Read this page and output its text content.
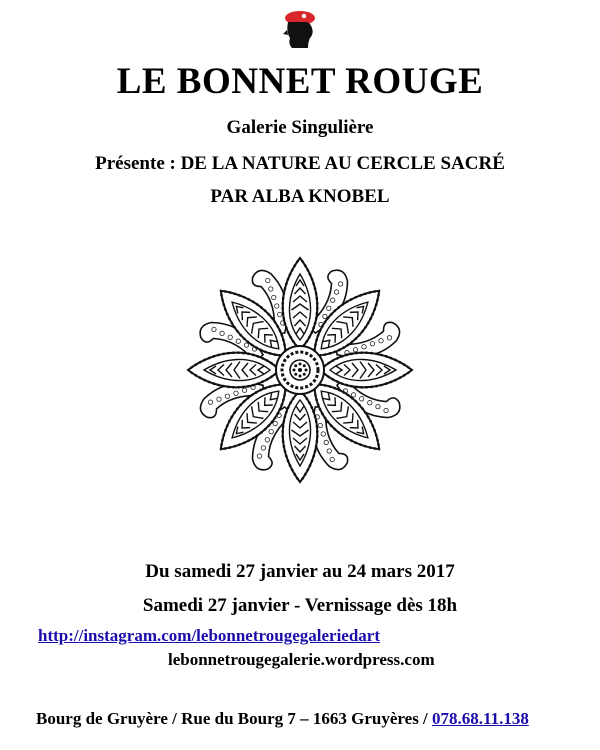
LE BONNET ROUGE
Galerie Singulière
Présente : DE LA NATURE AU CERCLE SACRÉ
PAR ALBA KNOBEL
Du samedi 27 janvier au 24 mars 2017
Samedi 27 janvier - Vernissage dès 18h
http://instagram.com/lebonnetrougegaleriedart
lebonnetrougegalerie.wordpress.com
Bourg de Gruyère / Rue du Bourg 7 – 1663 Gruyères / 078.68.11.138
